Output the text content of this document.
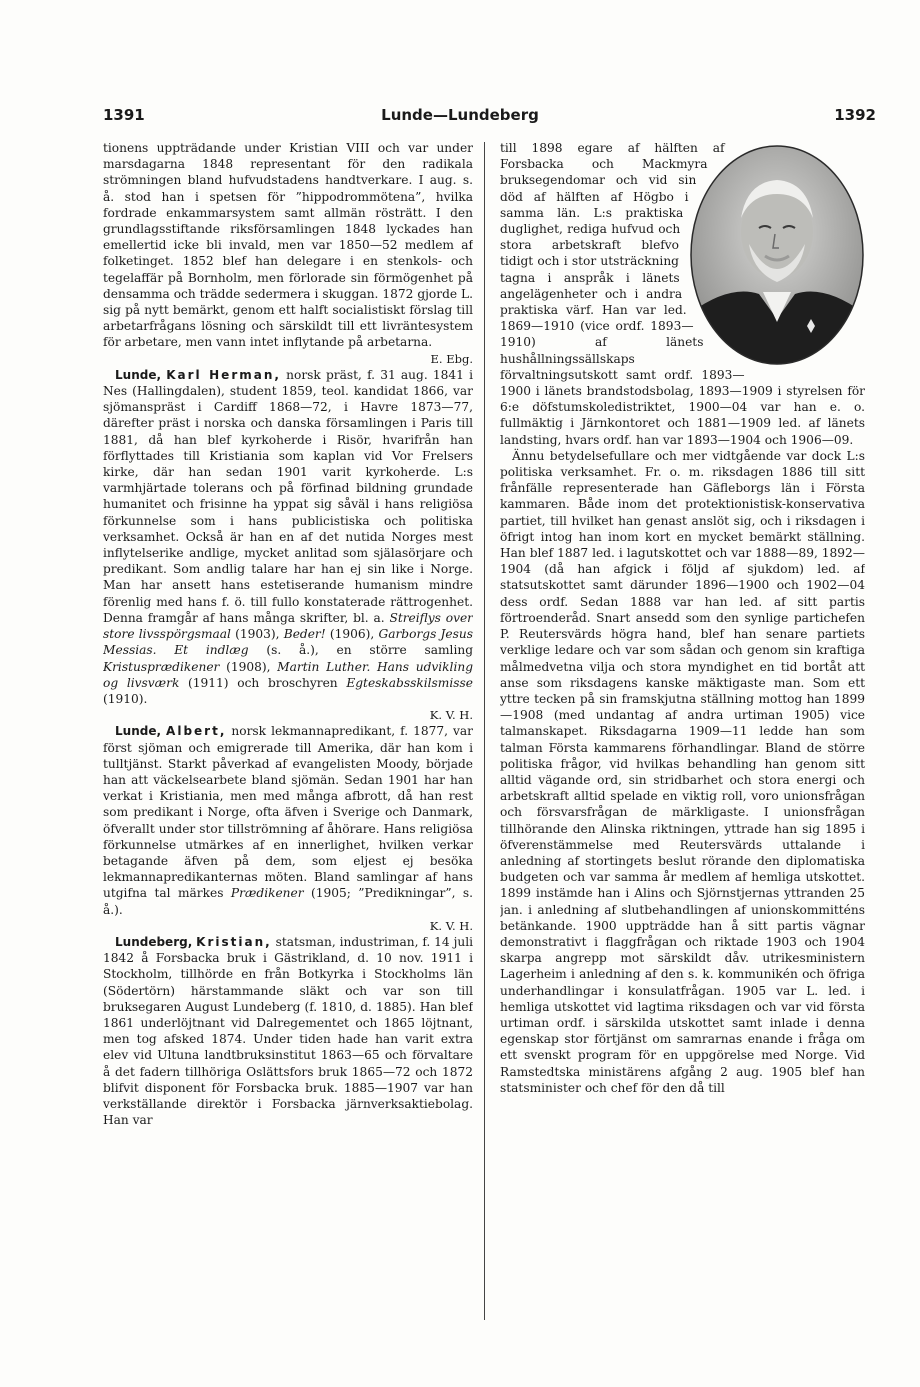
1391	Lunde—Lundeberg	1392

tionens uppträdande under Kristian VIII och var under marsdagarna 1848 representant för den radikala strömningen bland hufvudstadens handtverkare. I aug. s. å. stod han i spetsen för ”hippodrommötena”, hvilka fordrade enkammarsystem samt allmän rösträtt. I den grundlagsstiftande riksförsamlingen 1848 lyckades han emellertid icke bli invald, men var 1850—52 medlem af folketinget. 1852 blef han delegare i en stenkols- och tegelaffär på Bornholm, men förlorade sin förmögenhet på densamma och trädde sedermera i skuggan. 1872 gjorde L. sig på nytt bemärkt, genom ett halft socialistiskt förslag till arbetarfrågans lösning och särskildt till ett livräntesystem för arbetare, men vann intet inflytande på arbetarna.
E. Ebg.

Lunde, Karl Herman, norsk präst, f. 31 aug. 1841 i Nes (Hallingdalen), student 1859, teol. kandidat 1866, var sjömanspräst i Cardiff 1868—72, i Havre 1873—77, därefter präst i norska och danska församlingen i Paris till 1881, då han blef kyrkoherde i Risör, hvarifrån han förflyttades till Kristiania som kaplan vid Vor Frelsers kirke, där han sedan 1901 varit kyrkoherde. L:s varmhjärtade tolerans och på förfinad bildning grundade humanitet och frisinne ha yppat sig såväl i hans religiösa förkunnelse som i hans publicistiska och politiska verksamhet. Också är han en af det nutida Norges mest inflytelserike andlige, mycket anlitad som själasörjare och predikant. Som andlig talare har han ej sin like i Norge. Man har ansett hans estetiserande humanism mindre förenlig med hans f. ö. till fullo konstaterade rättrogenhet. Denna framgår af hans många skrifter, bl. a. Streiflys over store livsspörgsmaal (1903), Beder! (1906), Garborgs Jesus Messias. Et indlæg (s. å.), en större samling Kristusprædikener (1908), Martin Luther. Hans udvikling og livsværk (1911) och broschyren Egteskabsskilsmisse (1910).
K. V. H.

Lunde, Albert, norsk lekmannapredikant, f. 1877, var först sjöman och emigrerade till Amerika, där han kom i tulltjänst. Starkt påverkad af evangelisten Moody, började han att väckelsearbete bland sjömän. Sedan 1901 har han verkat i Kristiania, men med många afbrott, då han rest som predikant i Norge, ofta äfven i Sverige och Danmark, öfverallt under stor tillströmning af åhörare. Hans religiösa förkunnelse utmärkes af en innerlighet, hvilken verkar betagande äfven på dem, som eljest ej besöka lekmannapredikanternas möten. Bland samlingar af hans utgifna tal märkes Prædikener (1905; ”Predikningar”, s. å.).
K. V. H.

Lundeberg, Kristian, statsman, industriman, f. 14 juli 1842 å Forsbacka bruk i Gästrikland, d. 10 nov. 1911 i Stockholm, tillhörde en från Botkyrka i Stockholms län (Södertörn) härstammande släkt och var son till bruksegaren August Lundeberg (f. 1810, d. 1885). Han blef 1861 underlöjtnant vid Dalregementet och 1865 löjtnant, men tog afsked 1874. Under tiden hade han varit extra elev vid Ultuna landtbruksinstitut 1863—65 och förvaltare å det fadern tillhöriga Oslättsfors bruk 1865—72 och 1872 blifvit disponent för Forsbacka bruk. 1885—1907 var han verkställande direktör i Forsbacka järnverksaktiebolag. Han var

till 1898 egare af hälften af Forsbacka och Mackmyra bruksegendomar och vid sin död af hälften af Högbo i samma län. L:s praktiska duglighet, rediga hufvud och stora arbetskraft blefvo tidigt och i stor utsträckning tagna i anspråk i länets angelägenheter och i andra praktiska värf. Han var led. 1869—1910 (vice ordf. 1893—1910) af länets hushållningssällskaps förvaltningsutskott samt ordf. 1893—1900 i länets brandstodsbolag, 1893—1909 i styrelsen för 6:e döfstumskoledistriktet, 1900—04 var han e. o. fullmäktig i Järnkontoret och 1881—1909 led. af länets landsting, hvars ordf. han var 1893—1904 och 1906—09.

Ännu betydelsefullare och mer vidtgående var dock L:s politiska verksamhet. Fr. o. m. riksdagen 1886 till sitt frånfälle representerade han Gäfleborgs län i Första kammaren. Både inom det protektionistisk-konservativa partiet, till hvilket han genast anslöt sig, och i riksdagen i öfrigt intog han inom kort en mycket bemärkt ställning. Han blef 1887 led. i lagutskottet och var 1888—89, 1892—1904 (då han afgick i följd af sjukdom) led. af statsutskottet samt därunder 1896—1900 och 1902—04 dess ordf. Sedan 1888 var han led. af sitt partis förtroenderåd. Snart ansedd som den synlige partichefen P. Reutersvärds högra hand, blef han senare partiets verklige ledare och var som sådan och genom sin kraftiga målmedvetna vilja och stora myndighet en tid bortåt att anse som riksdagens kanske mäktigaste man. Som ett yttre tecken på sin framskjutna ställning mottog han 1899—1908 (med undantag af andra urtiman 1905) vice talmanskapet. Riksdagarna 1909—11 ledde han som talman Första kammarens förhandlingar. Bland de större politiska frågor, vid hvilkas behandling han genom sitt alltid vägande ord, sin stridbarhet och stora energi och arbetskraft alltid spelade en viktig roll, voro unionsfrågan och försvarsfrågan de märkligaste. I unionsfrågan tillhörande den Alinska riktningen, yttrade han sig 1895 i öfverenstämmelse med Reutersvärds uttalande i anledning af stortingets beslut rörande den diplomatiska budgeten och var samma år medlem af hemliga utskottet. 1899 instämde han i Alins och Sjörnstjernas yttranden 25 jan. i anledning af slutbehandlingen af unionskommitténs betänkande. 1900 uppträdde han å sitt partis vägnar demonstrativt i flaggfrågan och riktade 1903 och 1904 skarpa angrepp mot särskildt dåv. utrikesministern Lagerheim i anledning af den s. k. kommunikén och öfriga underhandlingar i konsulatfrågan. 1905 var L. led. i hemliga utskottet vid lagtima riksdagen och var vid första urtiman ordf. i särskilda utskottet samt inlade i denna egenskap stor förtjänst om samrarnas enande i fråga om ett svenskt program för en uppgörelse med Norge. Vid Ramstedtska ministärens afgång 2 aug. 1905 blef han statsminister och chef för den då till
